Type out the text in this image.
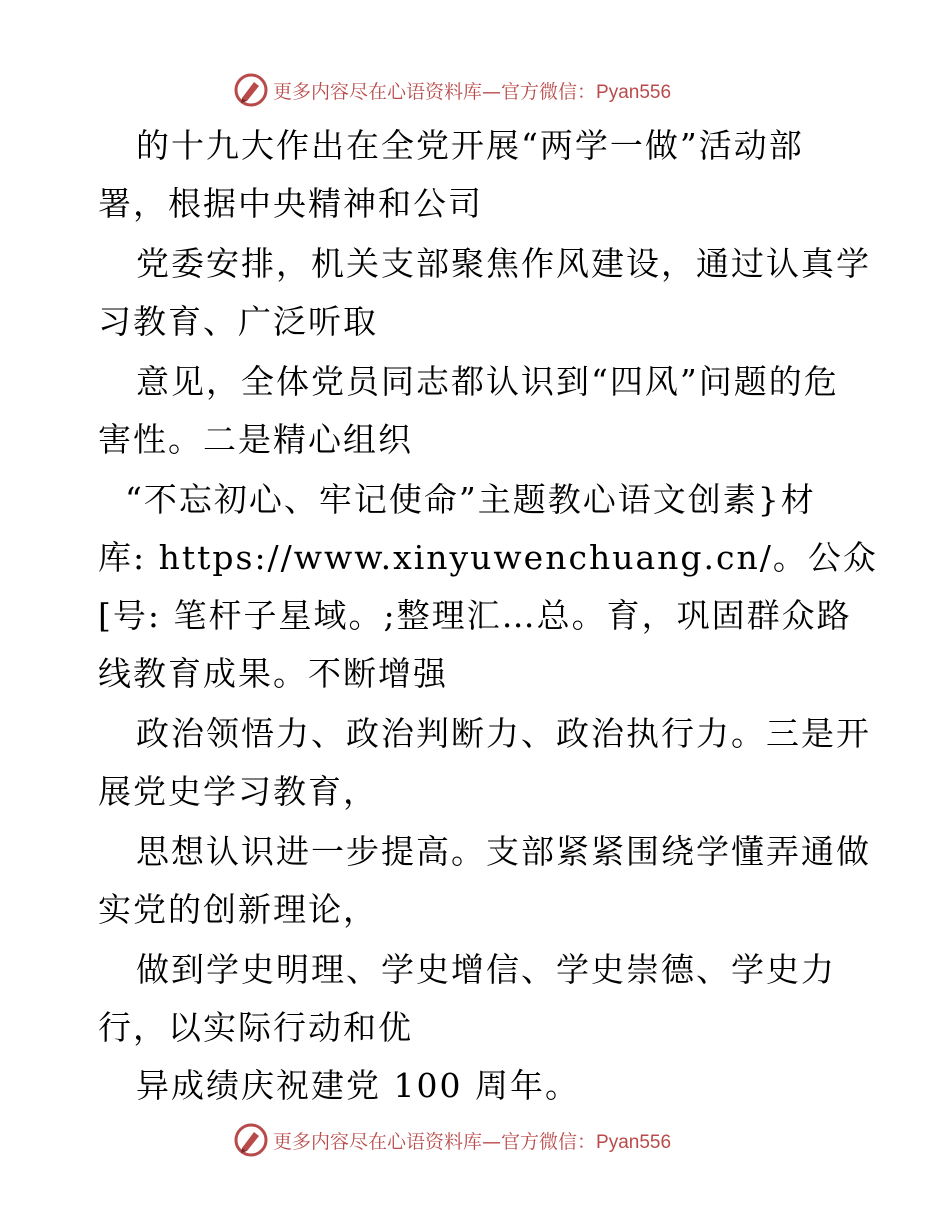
更多内容尽在心语资料库—官方微信：Pyan556
的十九大作出在全党开展“两学一做”活动部
署，根据中央精神和公司
党委安排，机关支部聚焦作风建设，通过认真学
习教育、广泛听取
意见，全体党员同志都认识到“四风”问题的危
害性。二是精心组织
“不忘初心、牢记使命”主题教心语文创素}材
库: https://www.xinyuwenchuang.cn/。公众
[号: 笔杆子星域。;整理汇…总。育，巩固群众路
线教育成果。不断增强
政治领悟力、政治判断力、政治执行力。三是开
展党史学习教育，
思想认识进一步提高。支部紧紧围绕学懂弄通做
实党的创新理论，
做到学史明理、学史增信、学史崇德、学史力
行，以实际行动和优
异成绩庆祝建党 100 周年。
更多内容尽在心语资料库—官方微信：Pyan556
